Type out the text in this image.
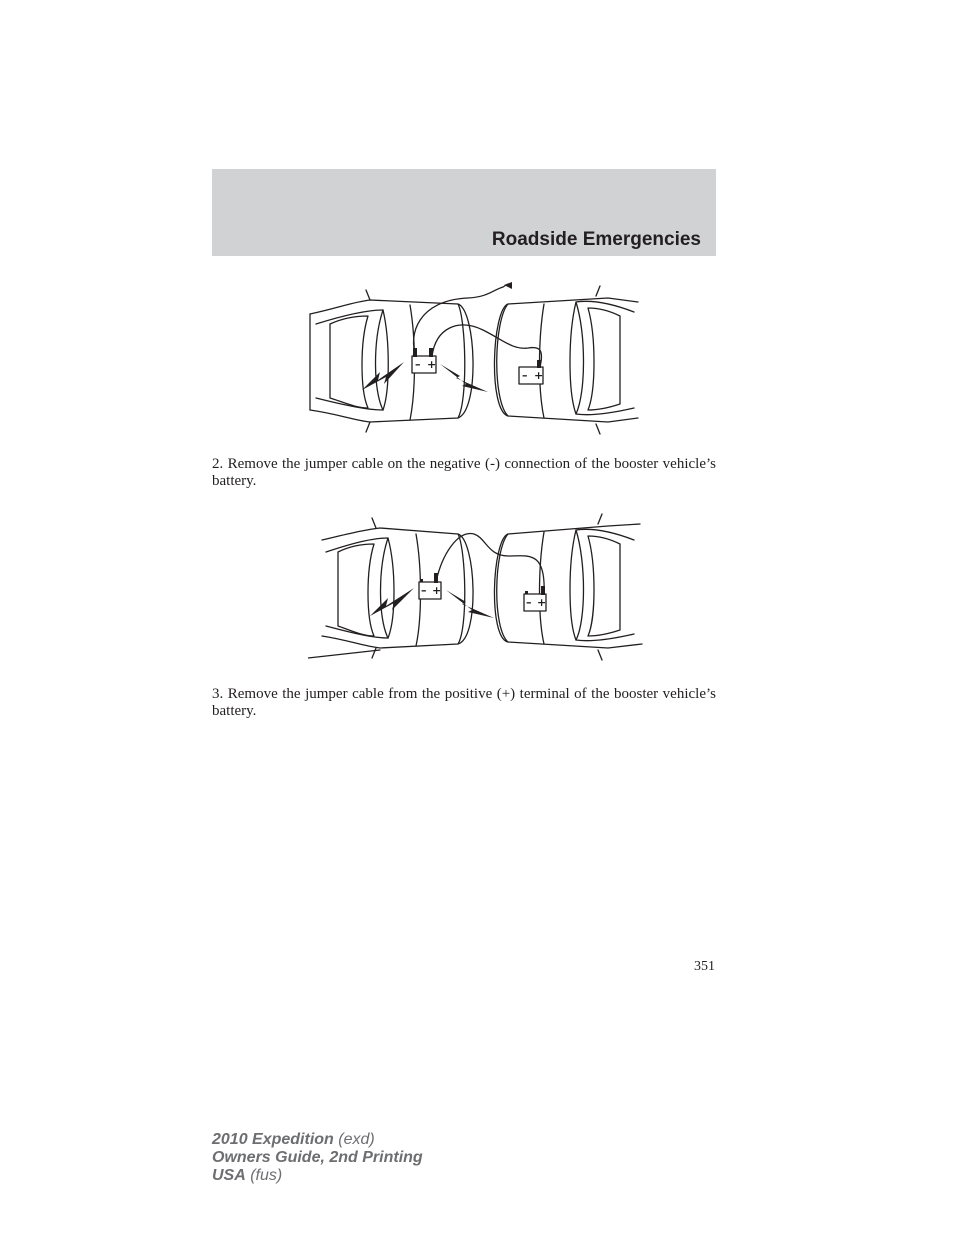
Roadside Emergencies
– +
– +

2. Remove the jumper cable on the negative (-) connection of the booster vehicle’s battery.

– +
– +

3. Remove the jumper cable from the positive (+) terminal of the booster vehicle’s battery.

351
2010 Expedition (exd)
Owners Guide, 2nd Printing
USA (fus)
